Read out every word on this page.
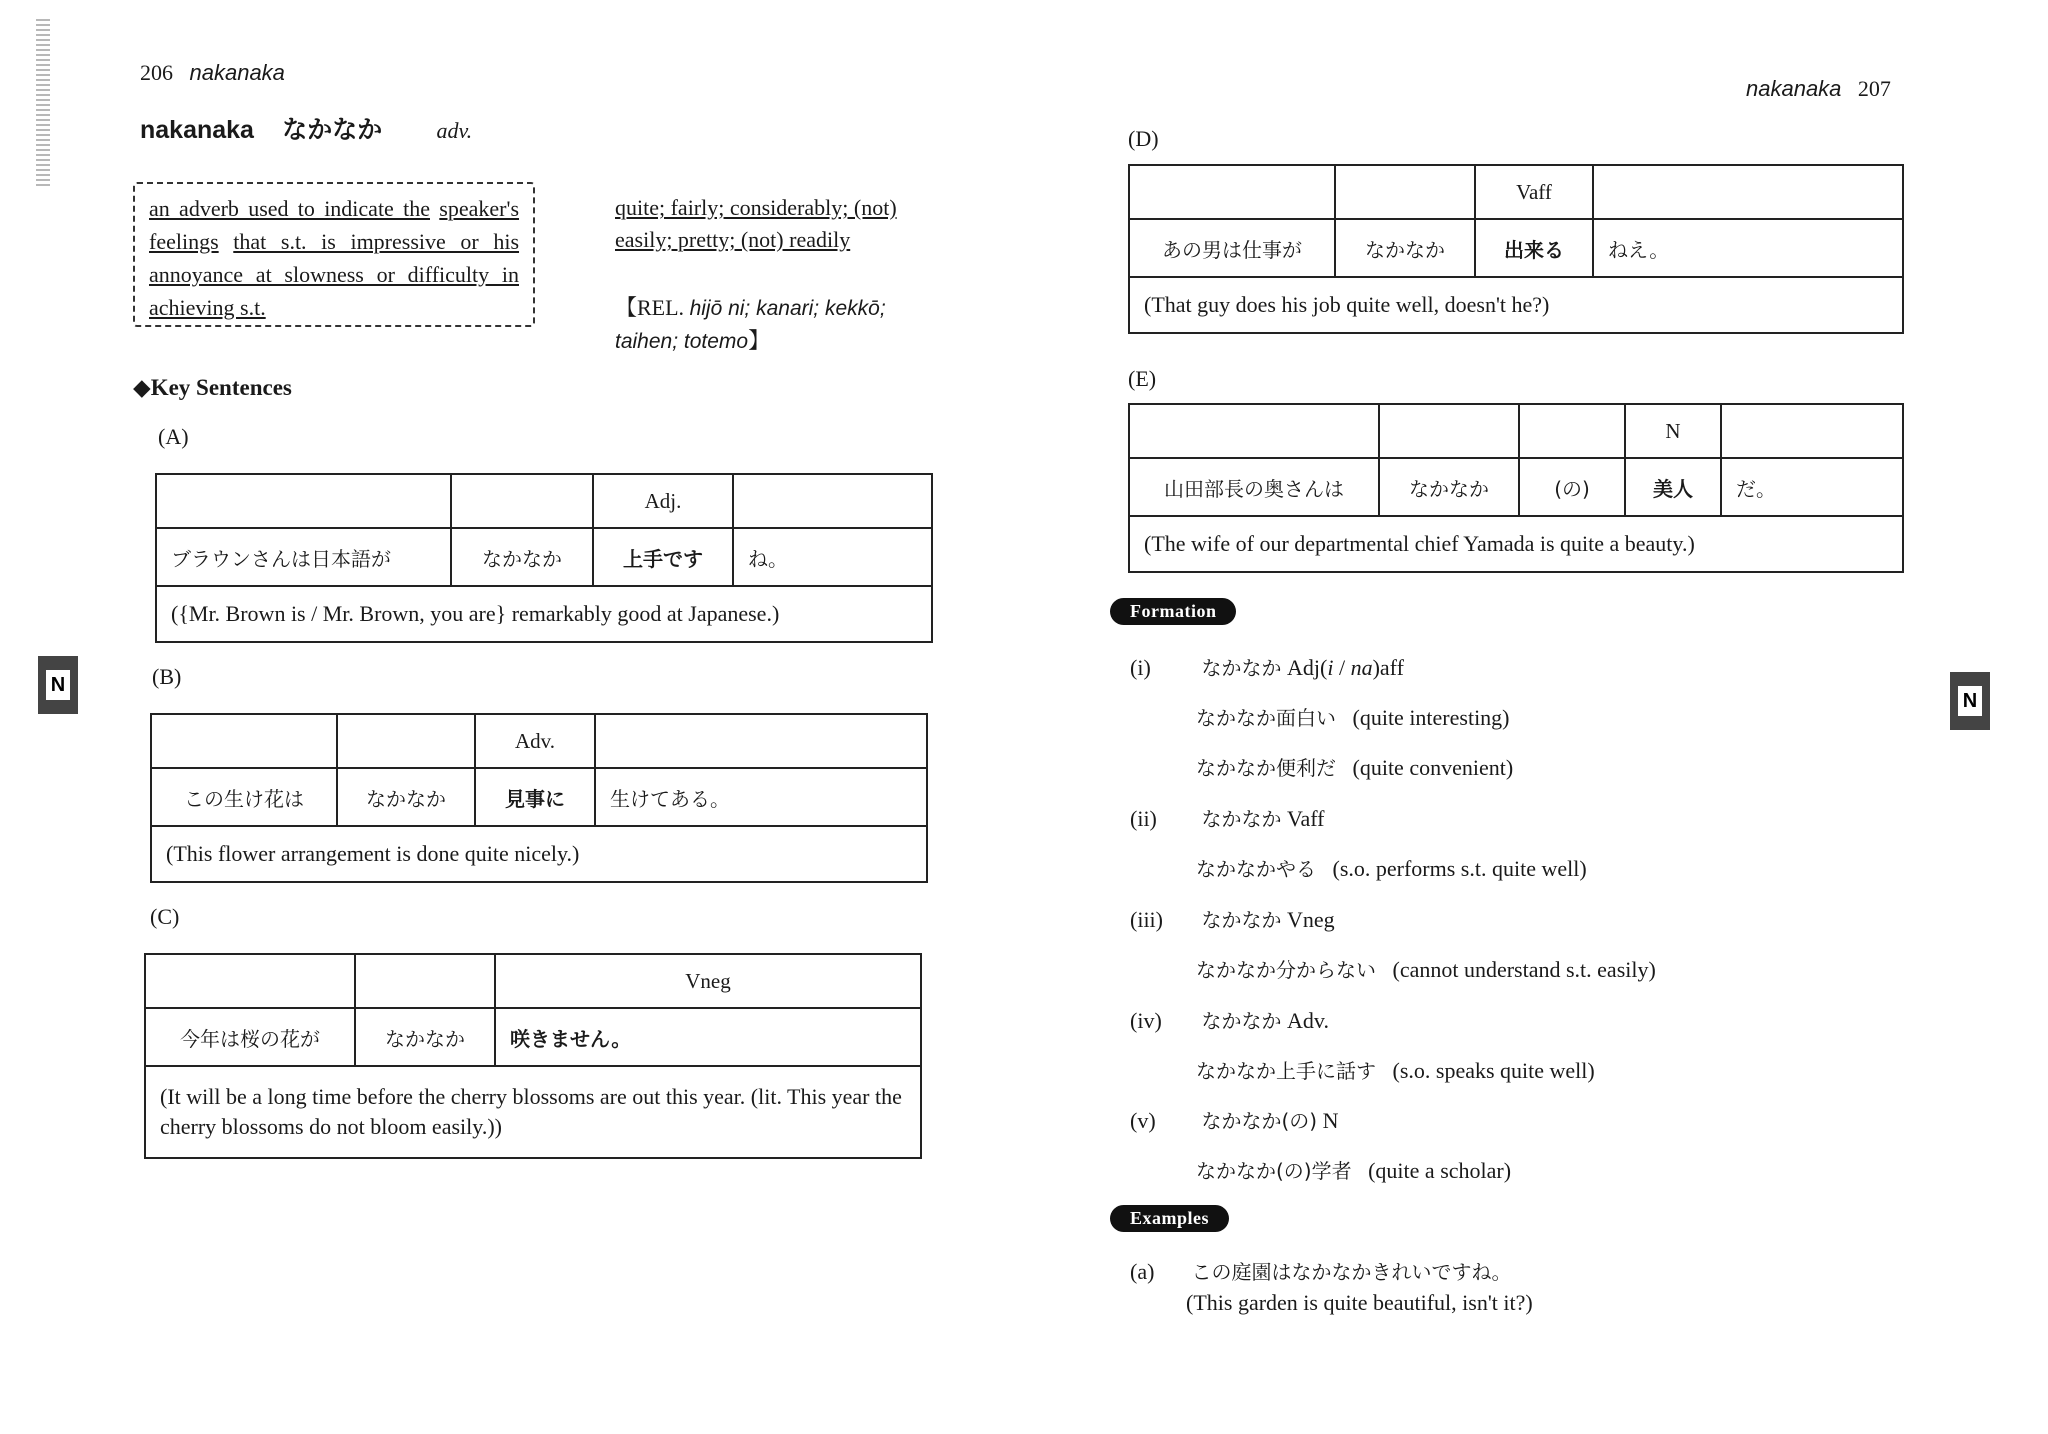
206 nakanaka
nakanaka なかなか adv.
an adverb used to indicate the speaker's feelings that s.t. is impressive or his annoyance at slowness or difficulty in achieving s.t.
quite; fairly; considerably; (not) easily; pretty; (not) readily
【REL. hijō ni; kanari; kekkō; taihen; totemo】
◆Key Sentences
(A)
		Adj.	
ブラウンさんは日本語が	なかなか	上手です	ね。
({Mr. Brown is / Mr. Brown, you are} remarkably good at Japanese.)			
(B)
		Adv.	
この生け花は	なかなか	見事に	生けてある。
(This flower arrangement is done quite nicely.)			
(C)
		Vneg
今年は桜の花が	なかなか	咲きません。
(It will be a long time before the cherry blossoms are out this year. (lit. This year the cherry blossoms do not bloom easily.))		
N
nakanaka 207
(D)
		Vaff	
あの男は仕事が	なかなか	出来る	ねえ。
(That guy does his job quite well, doesn't he?)			
(E)
			N	
山田部長の奥さんは	なかなか	(の)	美人	だ。
(The wife of our departmental chief Yamada is quite a beauty.)				
Formation
(i)	なかなか Adj(i / na)aff
なかなか面白い (quite interesting)
なかなか便利だ (quite convenient)
(ii) なかなか Vaff
なかなかやる (s.o. performs s.t. quite well)
(iii) なかなか Vneg
なかなか分からない (cannot understand s.t. easily)
(iv) なかなか Adv.
なかなか上手に話す (s.o. speaks quite well)
(v) なかなか(の) N
なかなか(の)学者 (quite a scholar)
Examples
(a) この庭園はなかなかきれいですね。
(This garden is quite beautiful, isn't it?)
N
